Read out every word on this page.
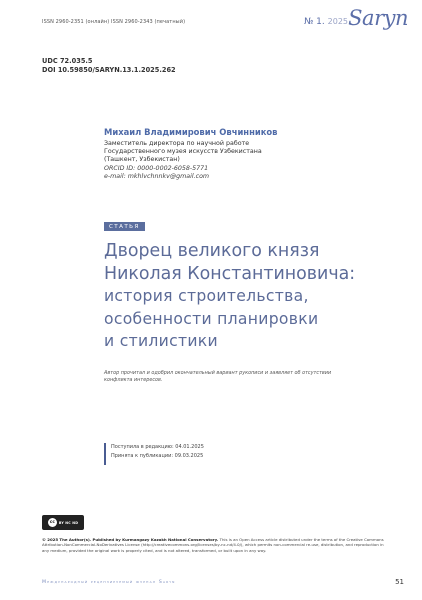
ISSN 2960-2351 (онлайн) ISSN 2960-2343 (печатный)	№ 1. 2025 Saryn
UDC 72.035.5
DOI 10.59850/SARYN.13.1.2025.262
Михаил Владимирович Овчинников
Заместитель директора по научной работе
Государственного музея искусств Узбекистана
(Ташкент, Узбекистан)
ORCID ID: 0000-0002-6058-5771
e-mail: mkhlvchnnkv@gmail.com
СТАТЬЯ
Дворец великого князя
Николая Константиновича:
история строительства,
особенности планировки
и стилистики
Автор прочитал и одобрил окончательный вариант рукописи и заявляет об отсутствии конфликта интересов.
Поступила в редакцию: 04.01.2025
Принята к публикации: 09.03.2025
cc	BY NC ND
© 2025 The Author(s). Published by Kurmangazy Kazakh National Conservatory. This is an Open Access article distributed under the terms of the Creative Commons Attribution-NonCommercial-NoDerivatives License (http://creativecommons.org/licenses/by-nc-nd/4.0/), which permits non-commercial re-use, distribution, and reproduction in any medium, provided the original work is properly cited, and is not altered, transformed, or built upon in any way.
Международный рецензируемый журнал Saryn	51
